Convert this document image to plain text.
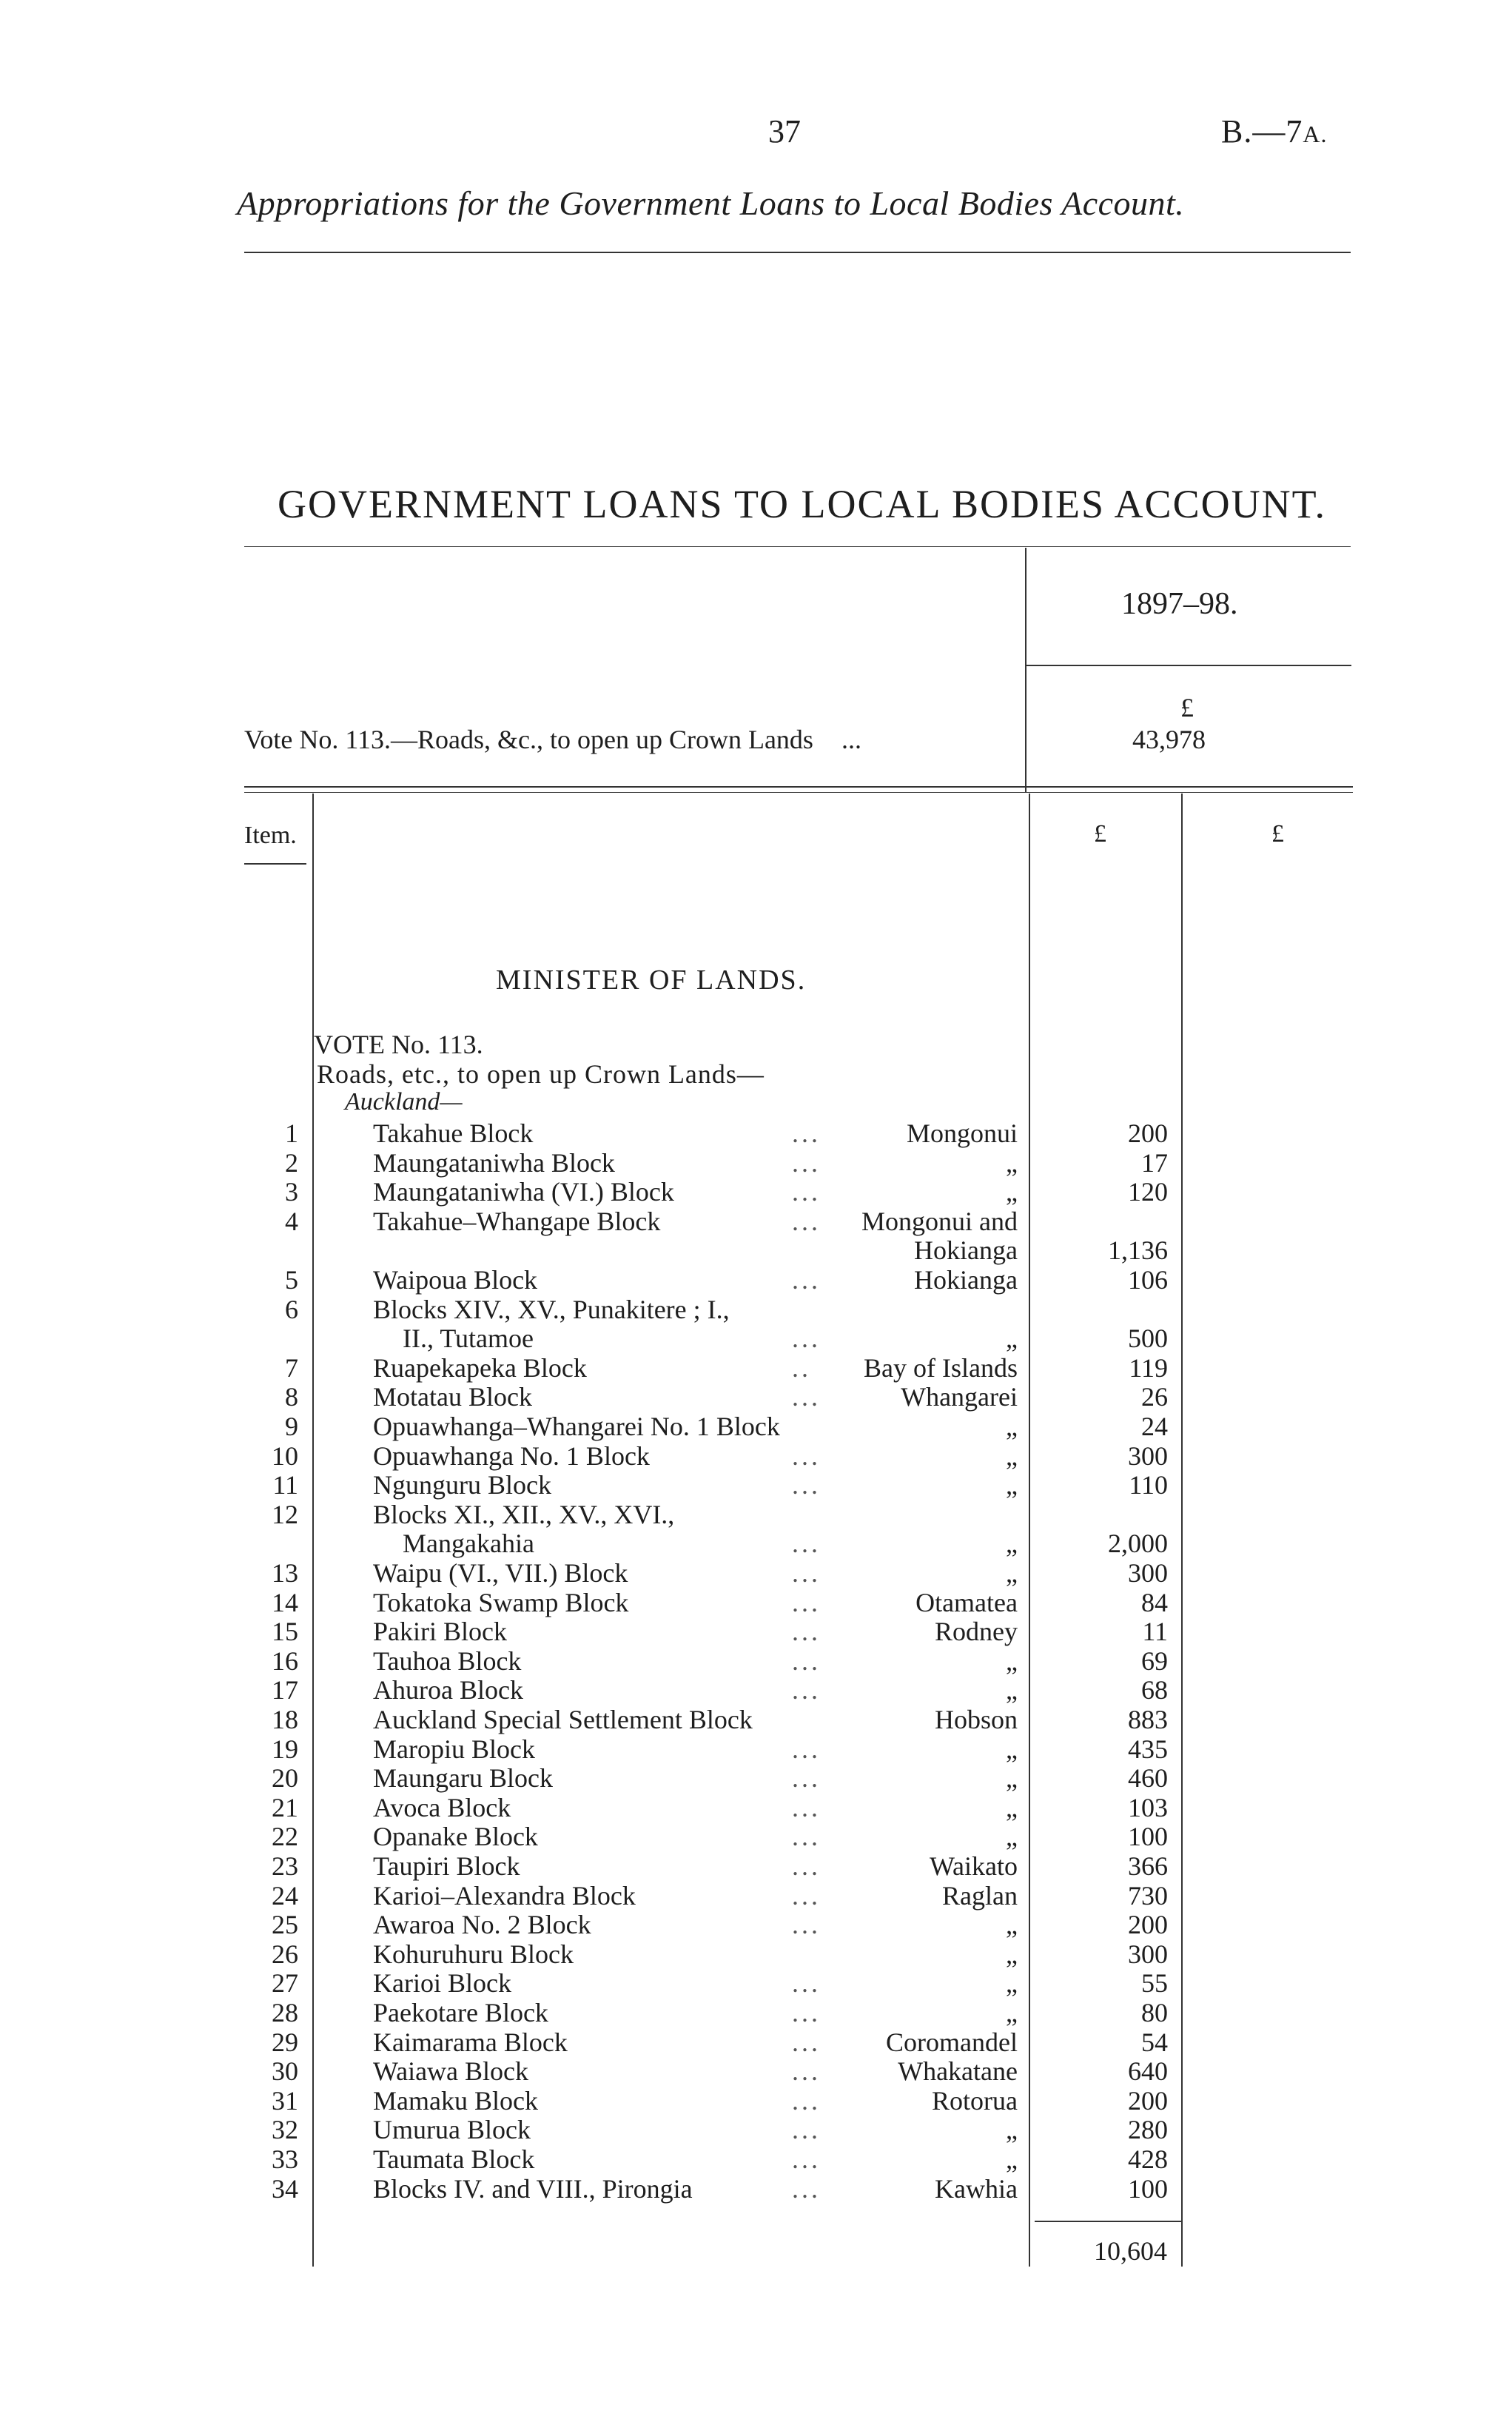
37	B.—7A.
Appropriations for the Government Loans to Local Bodies Account.
GOVERNMENT LOANS TO LOCAL BODIES ACCOUNT.
1897–98.
£
Vote No. 113.—Roads, &c., to open up Crown Lands ...	43,978
Item.	£	£
MINISTER OF LANDS.
VOTE No. 113.
Roads, etc., to open up Crown Lands—
Auckland—
1	Takahue Block	...	Mongonui	200
2	Maungataniwha Block	...	„	17
3	Maungataniwha (VI.) Block	...	„	120
4	Takahue–Whangape Block	... Mongonui and
Hokianga	1,136
5	Waipoua Block	...	Hokianga	106
6	Blocks XIV., XV., Punakitere ; I.,
II., Tutamoe	...	„	500
7	Ruapekapeka Block	.. Bay of Islands	119
8	Motatau Block	...	Whangarei	26
9	Opuawhanga–Whangarei No. 1 Block	„	24
10	Opuawhanga No. 1 Block	...	„	300
11	Ngunguru Block	...	„	110
12	Blocks XI., XII., XV., XVI.,
Mangakahia	...	„	2,000
13	Waipu (VI., VII.) Block	...	„	300
14	Tokatoka Swamp Block	...	Otamatea	84
15	Pakiri Block	...	Rodney	11
16	Tauhoa Block	...	„	69
17	Ahuroa Block	...	„	68
18	Auckland Special Settlement Block	Hobson	883
19	Maropiu Block	...	„	435
20	Maungaru Block	...	„	460
21	Avoca Block	...	„	103
22	Opanake Block	...	„	100
23	Taupiri Block	...	Waikato	366
24	Karioi–Alexandra Block	...	Raglan	730
25	Awaroa No. 2 Block	...	„	200
26	Kohuruhuru Block	„	300
27	Karioi Block	...	„	55
28	Paekotare Block	...	„	80
29	Kaimarama Block	... Coromandel	54
30	Waiawa Block	...	Whakatane	640
31	Mamaku Block	...	Rotorua	200
32	Umurua Block	...	„	280
33	Taumata Block	...	„	428
34	Blocks IV. and VIII., Pirongia	...	Kawhia	100
10,604
